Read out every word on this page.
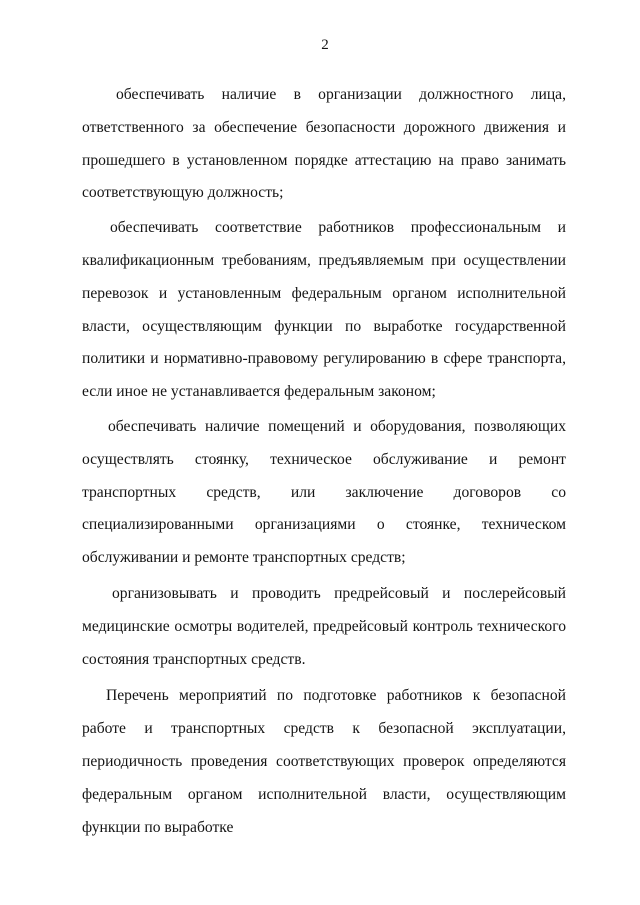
2

обеспечивать наличие в организации должностного лица, ответственного за обеспечение безопасности дорожного движения и прошедшего в установленном порядке аттестацию на право занимать соответствующую должность;

обеспечивать соответствие работников профессиональным и квалификационным требованиям, предъявляемым при осуществлении перевозок и установленным федеральным органом исполнительной власти, осуществляющим функции по выработке государственной политики и нормативно-правовому регулированию в сфере транспорта, если иное не устанавливается федеральным законом;

обеспечивать наличие помещений и оборудования, позволяющих осуществлять стоянку, техническое обслуживание и ремонт транспортных средств, или заключение договоров со специализированными организациями о стоянке, техническом обслуживании и ремонте транспортных средств;

организовывать и проводить предрейсовый и послерейсовый медицинские осмотры водителей, предрейсовый контроль технического состояния транспортных средств.

Перечень мероприятий по подготовке работников к безопасной работе и транспортных средств к безопасной эксплуатации, периодичность проведения соответствующих проверок определяются федеральным органом исполнительной власти, осуществляющим функции по выработке
